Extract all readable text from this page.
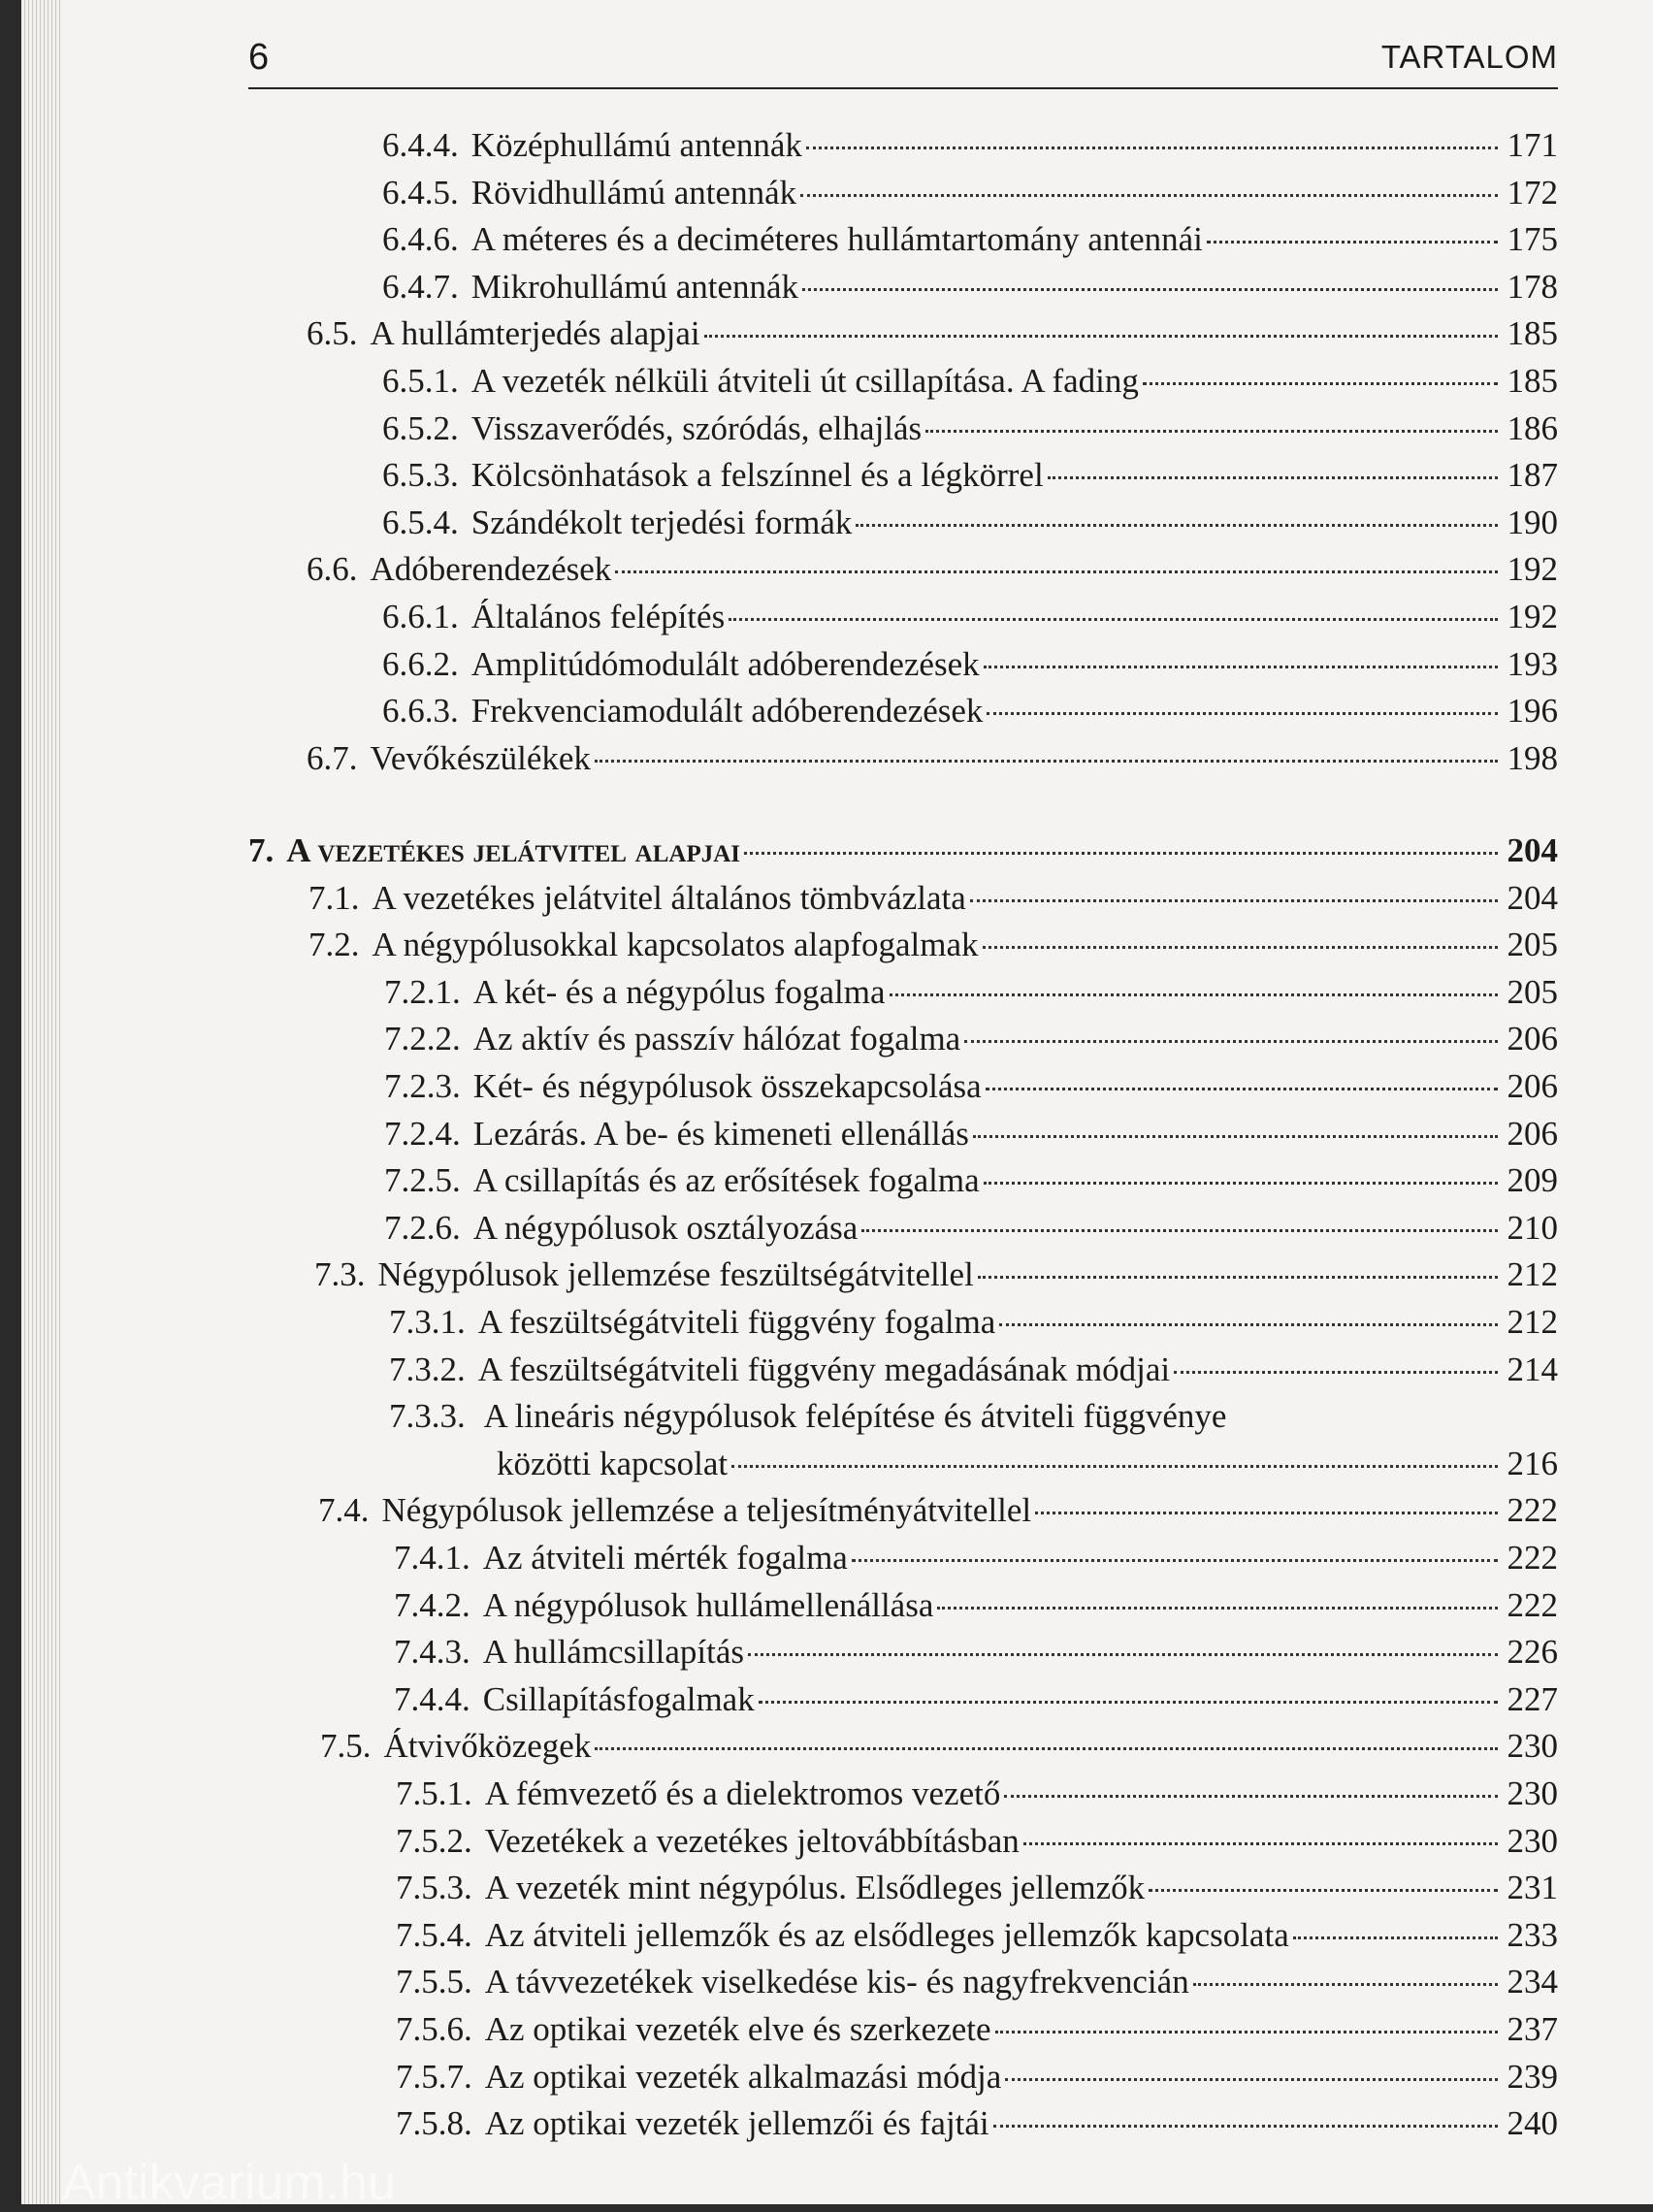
Antikvarium.hu
6	TARTALOM
6.4.4. Középhullámú antennák	171
6.4.5. Rövidhullámú antennák	172
6.4.6. A méteres és a deciméteres hullámtartomány antennái	175
6.4.7. Mikrohullámú antennák	178
6.5. A hullámterjedés alapjai	185
6.5.1. A vezeték nélküli átviteli út csillapítása. A fading	185
6.5.2. Visszaverődés, szóródás, elhajlás	186
6.5.3. Kölcsönhatások a felszínnel és a légkörrel	187
6.5.4. Szándékolt terjedési formák	190
6.6. Adóberendezések	192
6.6.1. Általános felépítés	192
6.6.2. Amplitúdómodulált adóberendezések	193
6.6.3. Frekvenciamodulált adóberendezések	196
6.7. Vevőkészülékek	198
7. A vezetékes jelátvitel alapjai	204
7.1. A vezetékes jelátvitel általános tömbvázlata	204
7.2. A négypólusokkal kapcsolatos alapfogalmak	205
7.2.1. A két- és a négypólus fogalma	205
7.2.2. Az aktív és passzív hálózat fogalma	206
7.2.3. Két- és négypólusok összekapcsolása	206
7.2.4. Lezárás. A be- és kimeneti ellenállás	206
7.2.5. A csillapítás és az erősítések fogalma	209
7.2.6. A négypólusok osztályozása	210
7.3. Négypólusok jellemzése feszültségátvitellel	212
7.3.1. A feszültségátviteli függvény fogalma	212
7.3.2. A feszültségátviteli függvény megadásának módjai	214
7.3.3. A lineáris négypólusok felépítése és átviteli függvénye
közötti kapcsolat	216
7.4. Négypólusok jellemzése a teljesítményátvitellel	222
7.4.1. Az átviteli mérték fogalma	222
7.4.2. A négypólusok hullámellenállása	222
7.4.3. A hullámcsillapítás	226
7.4.4. Csillapításfogalmak	227
7.5. Átvivőközegek	230
7.5.1. A fémvezető és a dielektromos vezető	230
7.5.2. Vezetékek a vezetékes jeltovábbításban	230
7.5.3. A vezeték mint négypólus. Elsődleges jellemzők	231
7.5.4. Az átviteli jellemzők és az elsődleges jellemzők kapcsolata	233
7.5.5. A távvezetékek viselkedése kis- és nagyfrekvencián	234
7.5.6. Az optikai vezeték elve és szerkezete	237
7.5.7. Az optikai vezeték alkalmazási módja	239
7.5.8. Az optikai vezeték jellemzői és fajtái	240
